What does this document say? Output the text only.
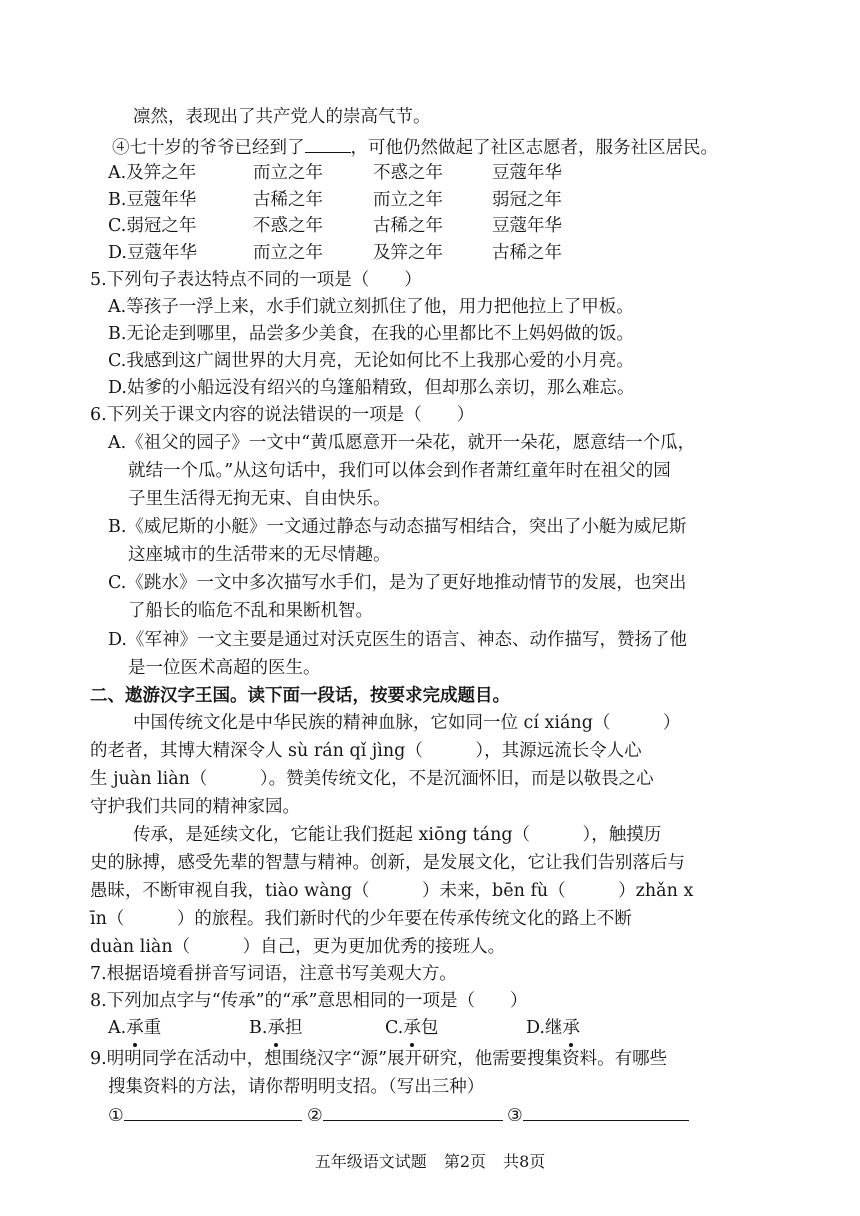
凛然，表现出了共产党人的崇高气节。
④七十岁的爷爷已经到了	，可他仍然做起了社区志愿者，服务社区居民。
A.及笄之年	而立之年	不惑之年	豆蔻年华
B.豆蔻年华	古稀之年	而立之年	弱冠之年
C.弱冠之年	不惑之年	古稀之年	豆蔻年华
D.豆蔻年华	而立之年	及笄之年	古稀之年
5.下列句子表达特点不同的一项是（　　）
A.等孩子一浮上来，水手们就立刻抓住了他，用力把他拉上了甲板。
B.无论走到哪里，品尝多少美食，在我的心里都比不上妈妈做的饭。
C.我感到这广阔世界的大月亮，无论如何比不上我那心爱的小月亮。
D.姑爹的小船远没有绍兴的乌篷船精致，但却那么亲切，那么难忘。
6.下列关于课文内容的说法错误的一项是（　　）
A.《祖父的园子》一文中“黄瓜愿意开一朵花，就开一朵花，愿意结一个瓜，
就结一个瓜。”从这句话中，我们可以体会到作者萧红童年时在祖父的园
子里生活得无拘无束、自由快乐。
B.《威尼斯的小艇》一文通过静态与动态描写相结合，突出了小艇为威尼斯
这座城市的生活带来的无尽情趣。
C.《跳水》一文中多次描写水手们，是为了更好地推动情节的发展，也突出
了船长的临危不乱和果断机智。
D.《军神》一文主要是通过对沃克医生的语言、神态、动作描写，赞扬了他
是一位医术高超的医生。
二、遨游汉字王国。读下面一段话，按要求完成题目。
中国传统文化是中华民族的精神血脉，它如同一位 cí xiáng（　　　）
的老者，其博大精深令人 sù rán qǐ jìng（　　　），其源远流长令人心
生 juàn liàn（　　　）。赞美传统文化，不是沉湎怀旧，而是以敬畏之心
守护我们共同的精神家园。
传承，是延续文化，它能让我们挺起 xiōng táng（　　　），触摸历
史的脉搏，感受先辈的智慧与精神。创新，是发展文化，它让我们告别落后与
愚昧，不断审视自我，tiào wàng（　　　）未来，bēn fù（　　　）zhǎn x
īn（　　　）的旅程。我们新时代的少年要在传承传统文化的路上不断
duàn liàn（　　　）自己，更为更加优秀的接班人。
7.根据语境看拼音写词语，注意书写美观大方。
8.下列加点字与“传承”的“承”意思相同的一项是（　　）
A.承重	B.承担	C.承包	D.继承
9.明明同学在活动中，想围绕汉字“源”展开研究，他需要搜集资料。有哪些
搜集资料的方法，请你帮明明支招。（写出三种）
①	②	③
五年级语文试题 第2页 共8页
